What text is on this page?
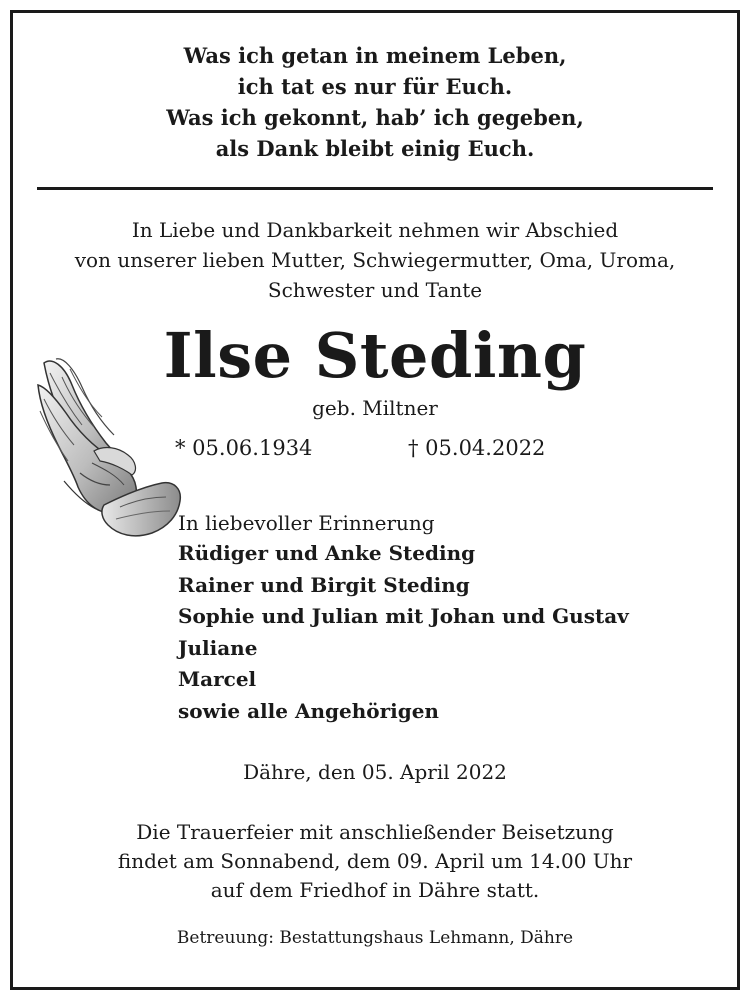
Was ich getan in meinem Leben,
ich tat es nur für Euch.
Was ich gekonnt, hab’ ich gegeben,
als Dank bleibt einig Euch.
In Liebe und Dankbarkeit nehmen wir Abschied
von unserer lieben Mutter, Schwiegermutter, Oma, Uroma,
Schwester und Tante
Ilse Steding
geb. Miltner
* 05.06.1934	† 05.04.2022
In liebevoller Erinnerung
Rüdiger und Anke Steding
Rainer und Birgit Steding
Sophie und Julian mit Johan und Gustav
Juliane
Marcel
sowie alle Angehörigen
Dähre, den 05. April 2022
Die Trauerfeier mit anschließender Beisetzung
findet am Sonnabend, dem 09. April um 14.00 Uhr
auf dem Friedhof in Dähre statt.
Betreuung: Bestattungshaus Lehmann, Dähre
